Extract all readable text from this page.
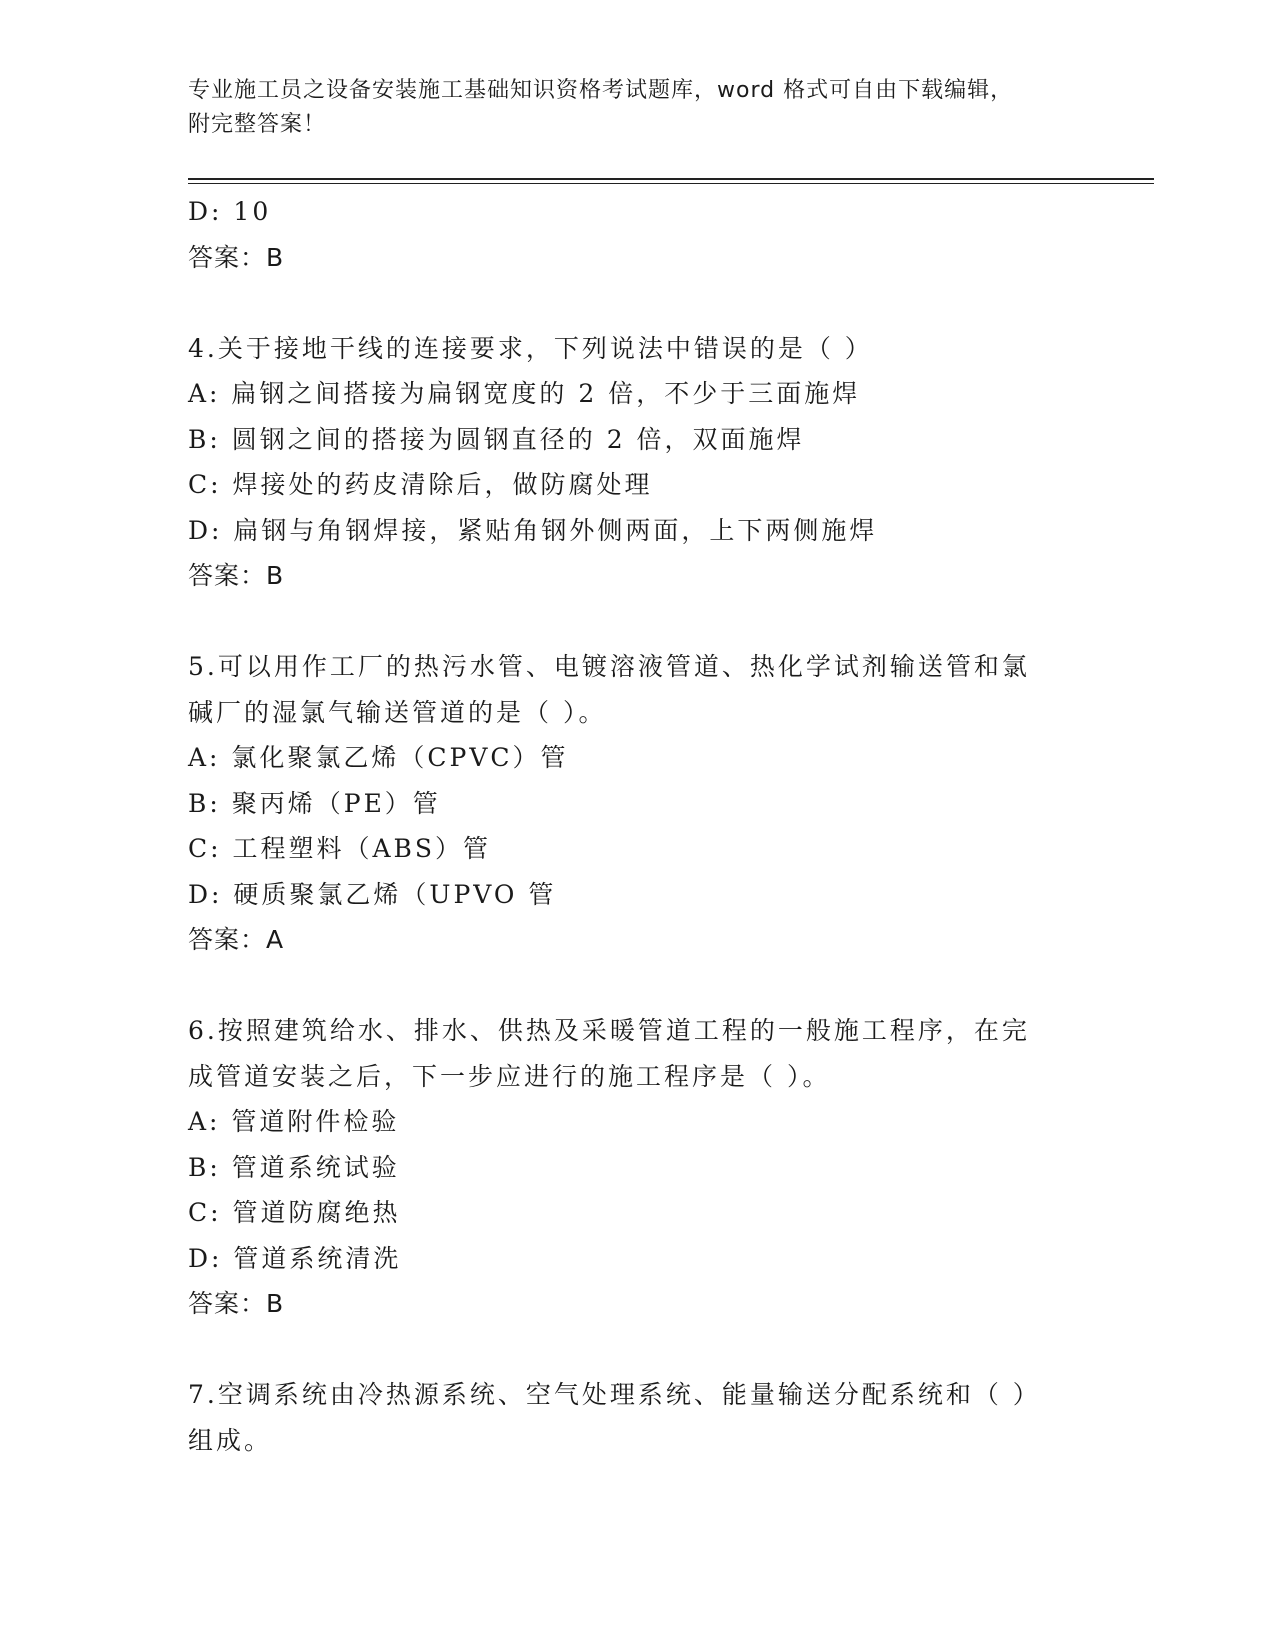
专业施工员之设备安装施工基础知识资格考试题库，word 格式可自由下载编辑，
附完整答案！
D: 10
答案：B
4.关于接地干线的连接要求，下列说法中错误的是（ ）
A: 扁钢之间搭接为扁钢宽度的 2 倍，不少于三面施焊
B: 圆钢之间的搭接为圆钢直径的 2 倍，双面施焊
C: 焊接处的药皮清除后，做防腐处理
D: 扁钢与角钢焊接，紧贴角钢外侧两面，上下两侧施焊
答案：B
5.可以用作工厂的热污水管、电镀溶液管道、热化学试剂输送管和氯
碱厂的湿氯气输送管道的是（ ）。
A: 氯化聚氯乙烯（CPVC）管
B: 聚丙烯（PE）管
C: 工程塑料（ABS）管
D: 硬质聚氯乙烯（UPVO 管
答案：A
6.按照建筑给水、排水、供热及采暖管道工程的一般施工程序，在完
成管道安装之后，下一步应进行的施工程序是（ ）。
A: 管道附件检验
B: 管道系统试验
C: 管道防腐绝热
D: 管道系统清洗
答案：B
7.空调系统由冷热源系统、空气处理系统、能量输送分配系统和（ ）
组成。
